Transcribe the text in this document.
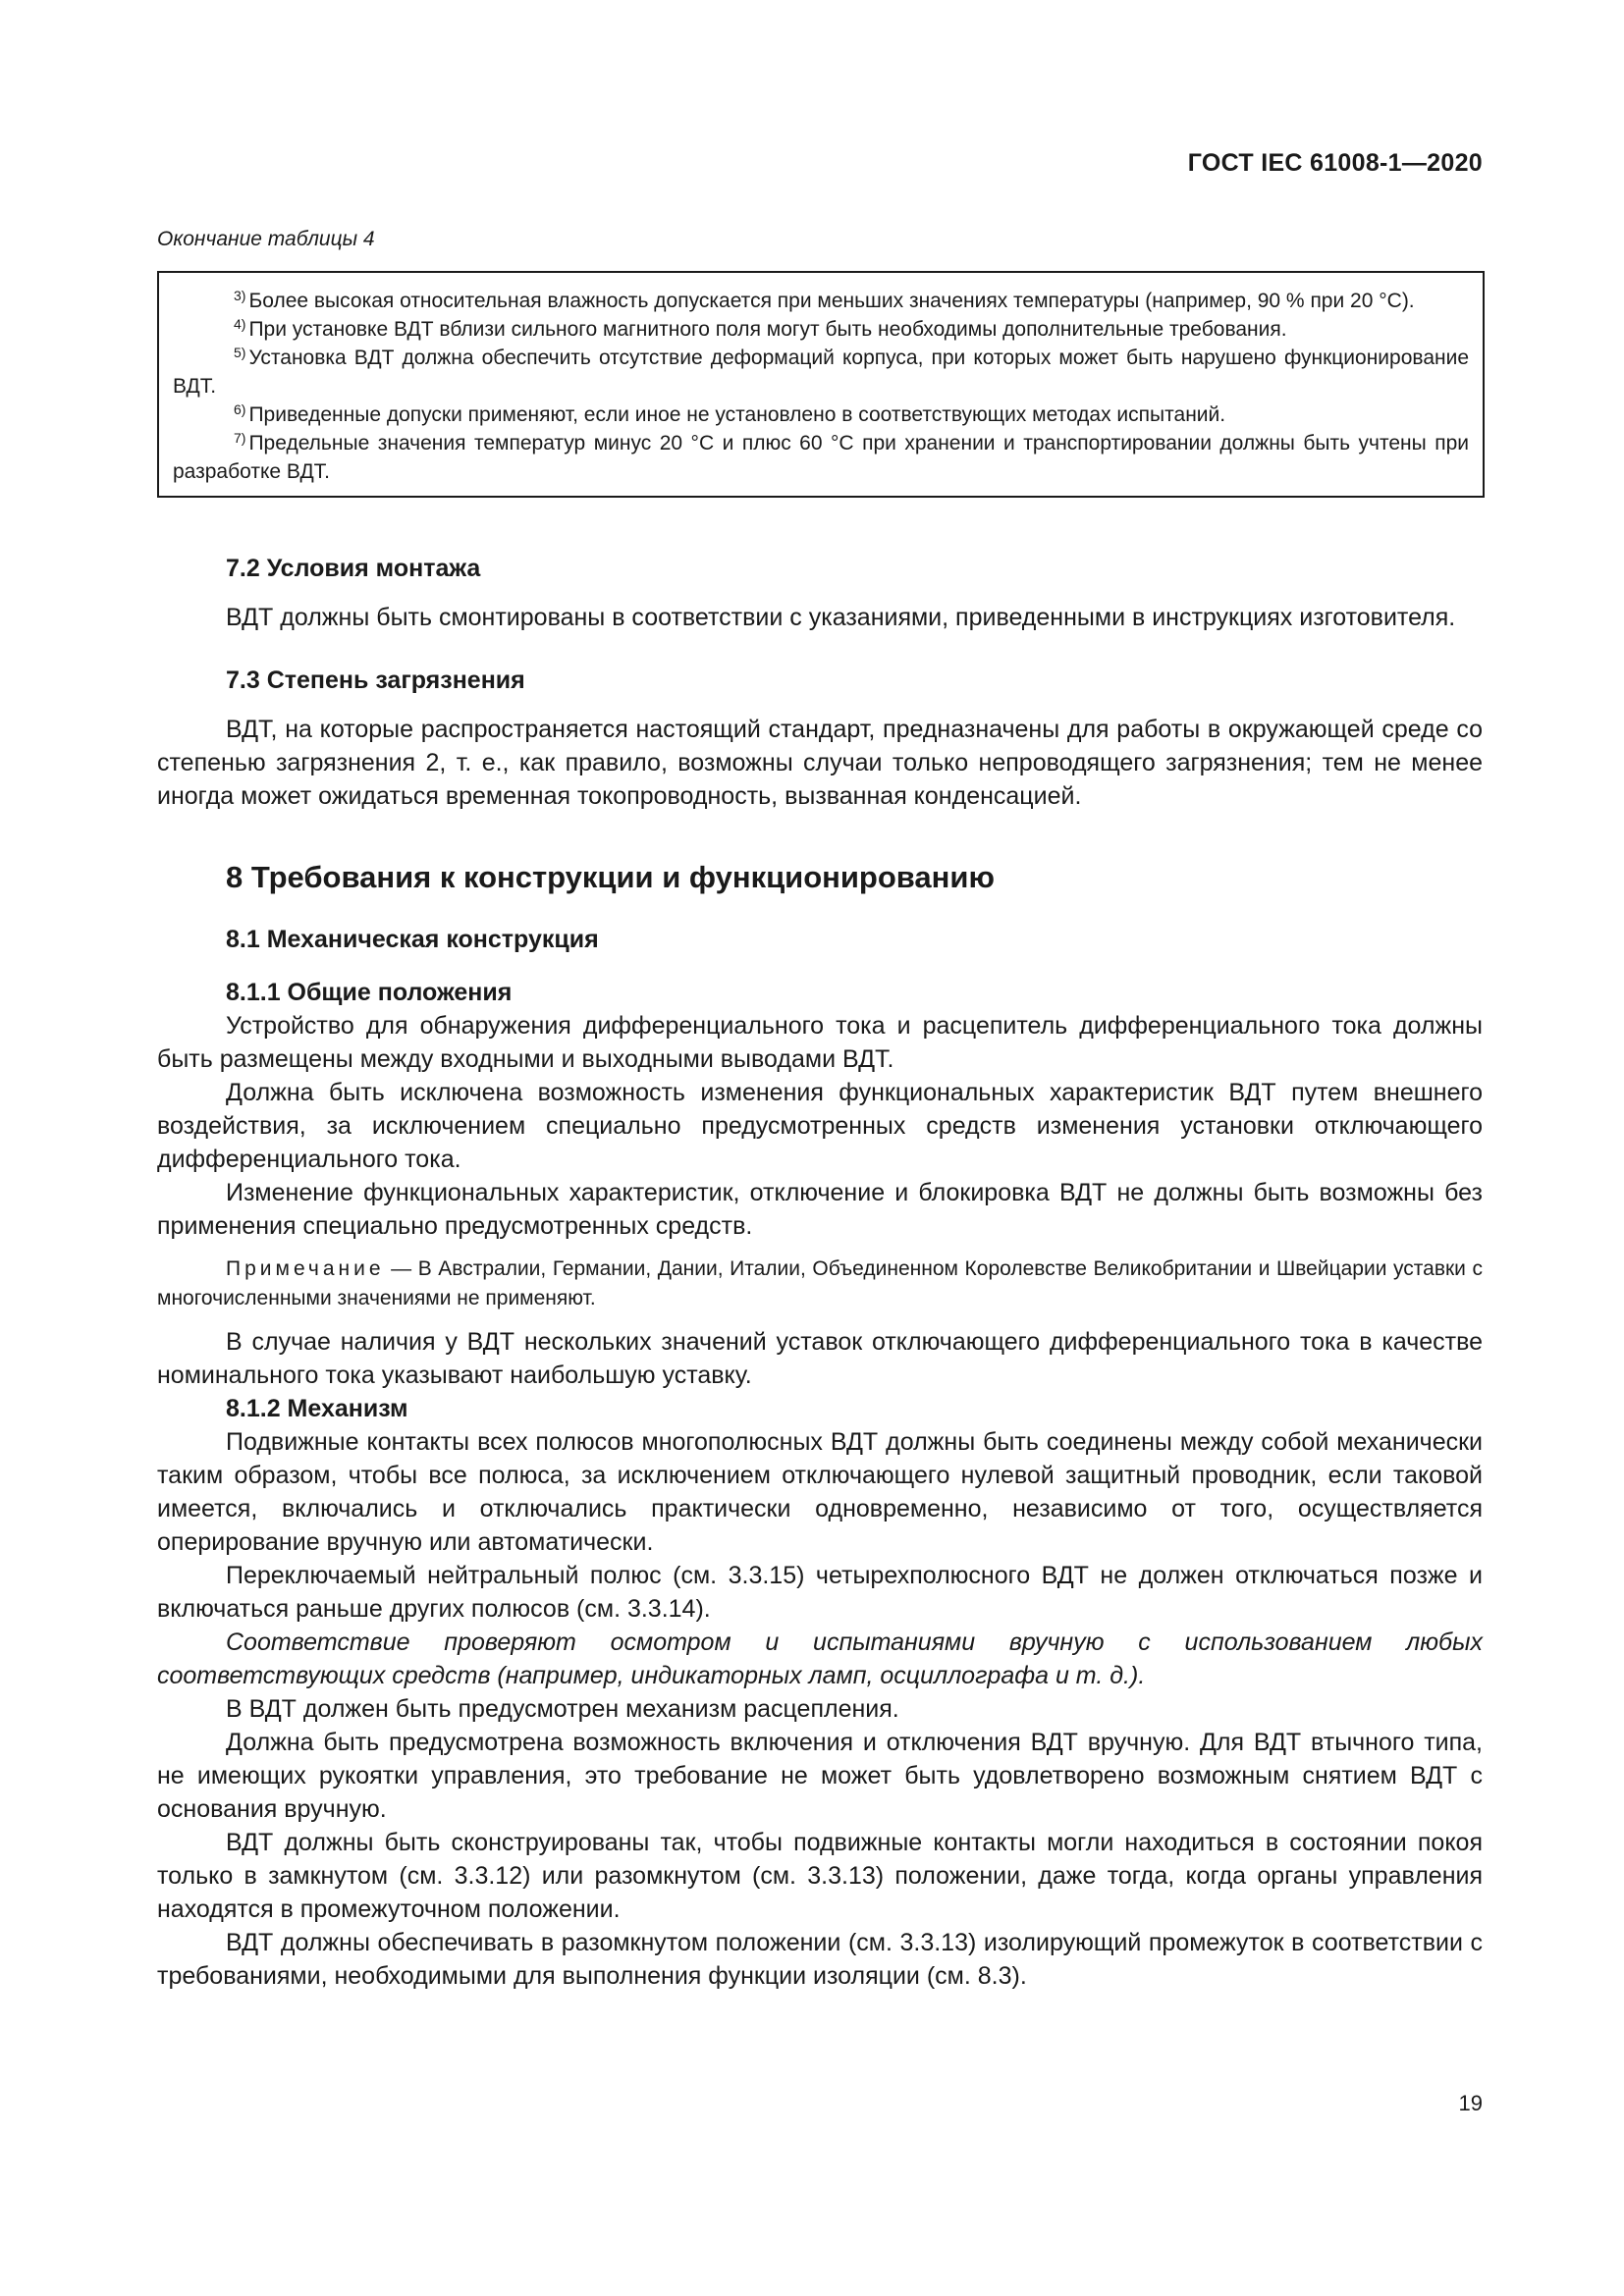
ГОСТ IEC 61008-1—2020
Окончание таблицы 4

$^{3)}$ Более высокая относительная влажность допускается при меньших значениях температуры (например, 90 % при 20 °С).

$^{4)}$ При установке ВДТ вблизи сильного магнитного поля могут быть необходимы дополнительные требования.

$^{5)}$ Установка ВДТ должна обеспечить отсутствие деформаций корпуса, при которых может быть нарушено функционирование ВДТ.

$^{6)}$ Приведенные допуски применяют, если иное не установлено в соответствующих методах испытаний.

$^{7)}$ Предельные значения температур минус 20 °С и плюс 60 °С при хранении и транспортировании должны быть учтены при разработке ВДТ.

7.2 Условия монтажа

ВДТ должны быть смонтированы в соответствии с указаниями, приведенными в инструкциях изготовителя.

7.3 Степень загрязнения

ВДТ, на которые распространяется настоящий стандарт, предназначены для работы в окружающей среде со степенью загрязнения 2, т. е., как правило, возможны случаи только непроводящего загрязнения; тем не менее иногда может ожидаться временная токопроводность, вызванная конденсацией.

8 Требования к конструкции и функционированию
8.1 Механическая конструкция
8.1.1 Общие положения

Устройство для обнаружения дифференциального тока и расцепитель дифференциального тока должны быть размещены между входными и выходными выводами ВДТ.

Должна быть исключена возможность изменения функциональных характеристик ВДТ путем внешнего воздействия, за исключением специально предусмотренных средств изменения установки отключающего дифференциального тока.

Изменение функциональных характеристик, отключение и блокировка ВДТ не должны быть возможны без применения специально предусмотренных средств.

Примечание — В Австралии, Германии, Дании, Италии, Объединенном Королевстве Великобритании и Швейцарии уставки с многочисленными значениями не применяют.

В случае наличия у ВДТ нескольких значений уставок отключающего дифференциального тока в качестве номинального тока указывают наибольшую уставку.

8.1.2 Механизм

Подвижные контакты всех полюсов многополюсных ВДТ должны быть соединены между собой механически таким образом, чтобы все полюса, за исключением отключающего нулевой защитный проводник, если таковой имеется, включались и отключались практически одновременно, независимо от того, осуществляется оперирование вручную или автоматически.

Переключаемый нейтральный полюс (см. 3.3.15) четырехполюсного ВДТ не должен отключаться позже и включаться раньше других полюсов (см. 3.3.14).

Соответствие проверяют осмотром и испытаниями вручную с использованием любых соответствующих средств (например, индикаторных ламп, осциллографа и т. д.).

В ВДТ должен быть предусмотрен механизм расцепления.

Должна быть предусмотрена возможность включения и отключения ВДТ вручную. Для ВДТ втычного типа, не имеющих рукоятки управления, это требование не может быть удовлетворено возможным снятием ВДТ с основания вручную.

ВДТ должны быть сконструированы так, чтобы подвижные контакты могли находиться в состоянии покоя только в замкнутом (см. 3.3.12) или разомкнутом (см. 3.3.13) положении, даже тогда, когда органы управления находятся в промежуточном положении.

ВДТ должны обеспечивать в разомкнутом положении (см. 3.3.13) изолирующий промежуток в соответствии с требованиями, необходимыми для выполнения функции изоляции (см. 8.3).

19
